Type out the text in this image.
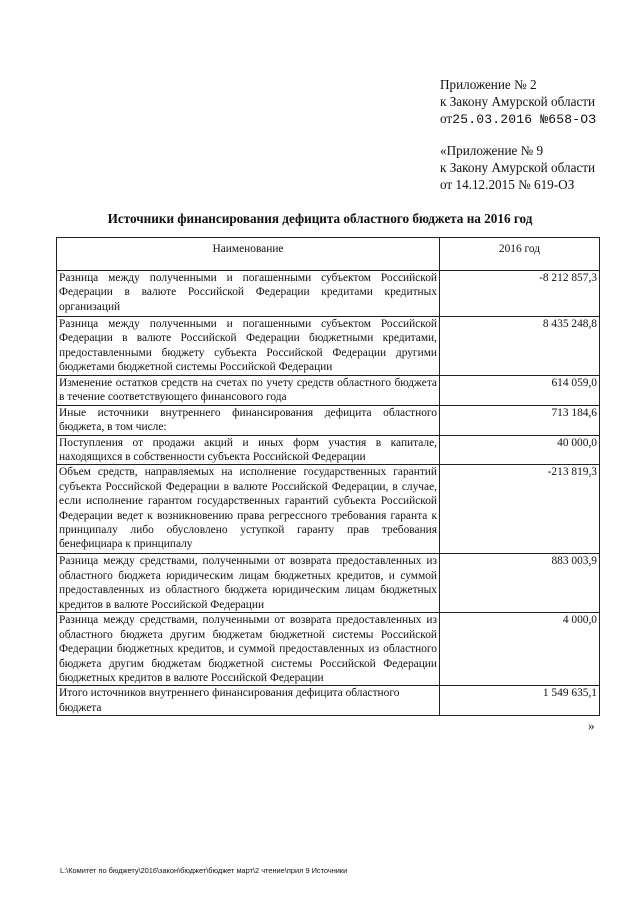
Приложение № 2
к Закону Амурской области
от25.03.2016 №658-ОЗ
«Приложение № 9
к Закону Амурской области
от 14.12.2015 № 619-ОЗ
Источники финансирования дефицита областного бюджета на 2016 год
Наименование	2016 год
Разница между полученными и погашенными субъектом Российской Федерации в валюте Российской Федерации кредитами кредитных организаций	-8 212 857,3
Разница между полученными и погашенными субъектом Российской Федерации в валюте Российской Федерации бюджетными кредитами, предоставленными бюджету субъекта Российской Федерации другими бюджетами бюджетной системы Российской Федерации	8 435 248,8
Изменение остатков средств на счетах по учету средств областного бюджета в течение соответствующего финансового года	614 059,0
Иные источники внутреннего финансирования дефицита областного бюджета, в том числе:	713 184,6
Поступления от продажи акций и иных форм участия в капитале, находящихся в собственности субъекта Российской Федерации	40 000,0
Объем средств, направляемых на исполнение государственных гарантий субъекта Российской Федерации в валюте Российской Федерации, в случае, если исполнение гарантом государственных гарантий субъекта Российской Федерации ведет к возникновению права регрессного требования гаранта к принципалу либо обусловлено уступкой гаранту прав требования бенефициара к принципалу	-213 819,3
Разница между средствами, полученными от возврата предоставленных из областного бюджета юридическим лицам бюджетных кредитов, и суммой предоставленных из областного бюджета юридическим лицам бюджетных кредитов в валюте Российской Федерации	883 003,9
Разница между средствами, полученными от возврата предоставленных из областного бюджета другим бюджетам бюджетной системы Российской Федерации бюджетных кредитов, и суммой предоставленных из областного бюджета другим бюджетам бюджетной системы Российской Федерации бюджетных кредитов в валюте Российской Федерации	4 000,0
Итого источников внутреннего финансирования дефицита областного бюджета	1 549 635,1
»
L:\Комитет по бюджету\2016\закон\бюджет\бюджет март\2 чтение\прил 9 Источники
